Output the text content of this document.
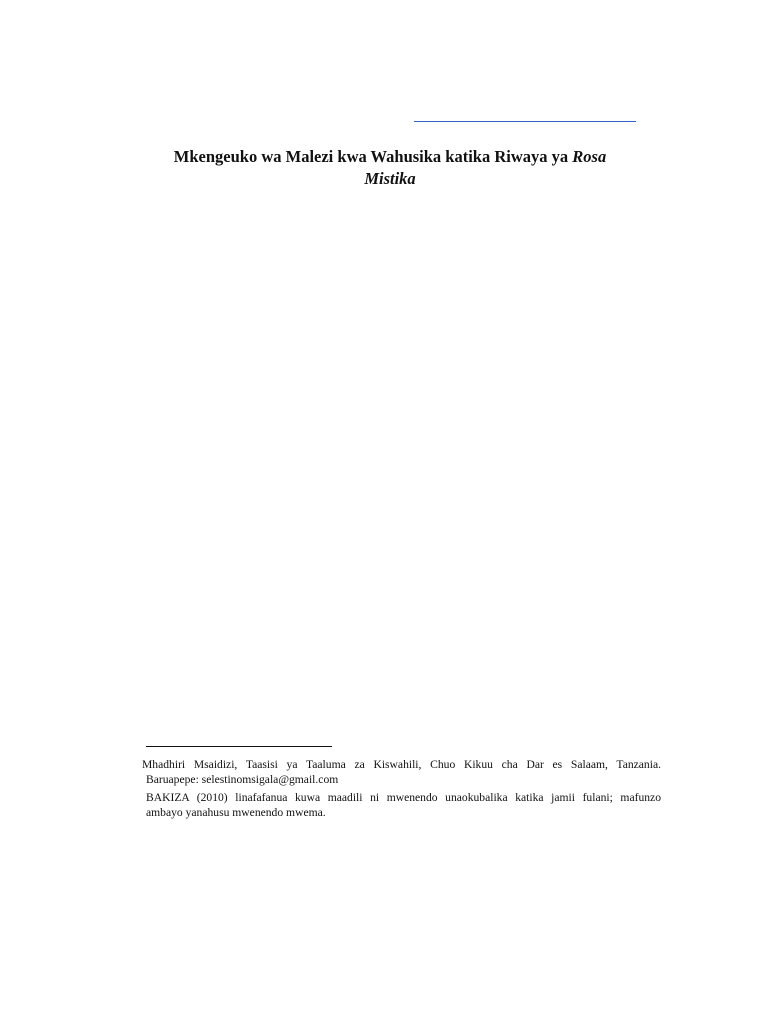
Mkengeuko wa Malezi kwa Wahusika katika Riwaya ya Rosa
Mistika
Mhadhiri Msaidizi, Taasisi ya Taaluma za Kiswahili, Chuo Kikuu cha Dar es Salaam, Tanzania.
Baruapepe: selestinomsigala@gmail.com
BAKIZA (2010) linafafanua kuwa maadili ni mwenendo unaokubalika katika jamii fulani; mafunzo
ambayo yanahusu mwenendo mwema.
